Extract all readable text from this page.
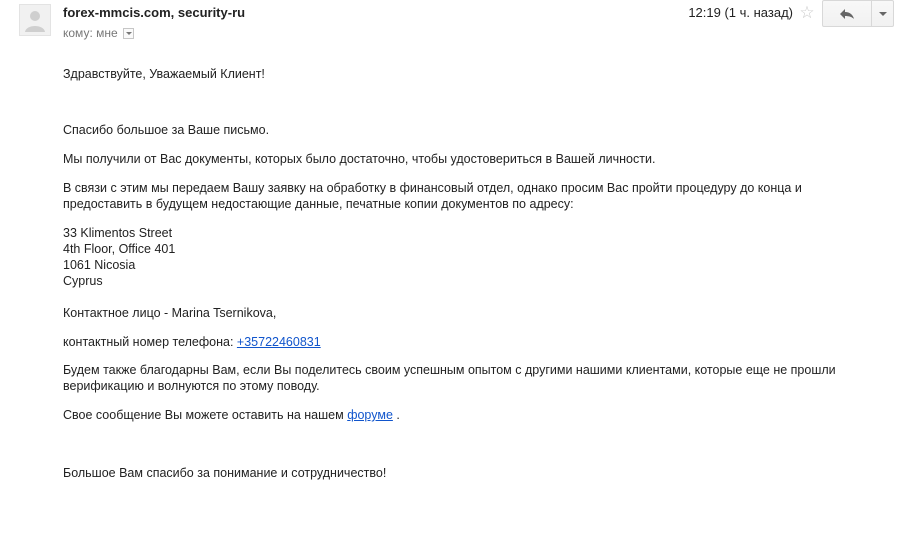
forex-mmcis.com, security-ru
кому: мне
12:19 (1 ч. назад) ☆

Здравствуйте, Уважаемый Клиент!

Спасибо большое за Ваше письмо.

Мы получили от Вас документы, которых было достаточно, чтобы удостовериться в Вашей личности.

В связи с этим мы передаем Вашу заявку на обработку в финансовый отдел, однако просим Вас пройти процедуру до конца и
предоставить в будущем недостающие данные, печатные копии документов по адресу:
33 Klimentos Street
4th Floor, Office 401
1061 Nicosia
Cyprus

Контактное лицо - Marina Tsernikova,

контактный номер телефона: +35722460831

Будем также благодарны Вам, если Вы поделитесь своим успешным опытом с другими нашими клиентами, которые еще не прошли
верификацию и волнуются по этому поводу.

Свое сообщение Вы можете оставить на нашем форуме .

Большое Вам спасибо за понимание и сотрудничество!
